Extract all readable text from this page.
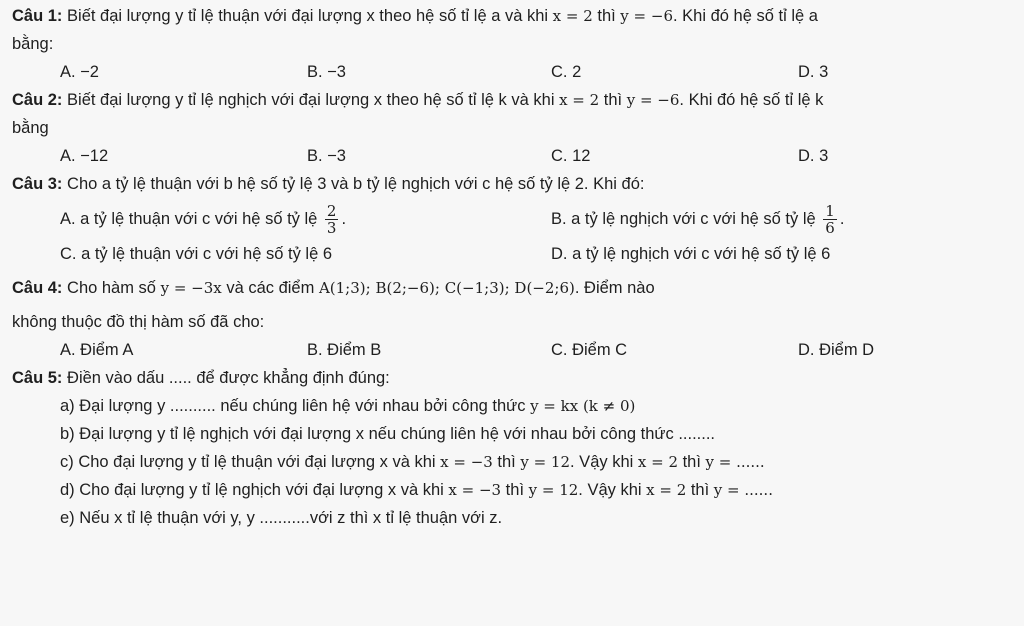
Câu 1: Biết đại lượng y tỉ lệ thuận với đại lượng x theo hệ số tỉ lệ a và khi x = 2 thì y = −6. Khi đó hệ số tỉ lệ a
bằng:
A. −2	B. −3	C. 2	D. 3
Câu 2: Biết đại lượng y tỉ lệ nghịch với đại lượng x theo hệ số tỉ lệ k và khi x = 2 thì y = −6. Khi đó hệ số tỉ lệ k
bằng
A. −12	B. −3	C. 12	D. 3
Câu 3: Cho a tỷ lệ thuận với b hệ số tỷ lệ 3 và b tỷ lệ nghịch với c hệ số tỷ lệ 2. Khi đó:
A. a tỷ lệ thuận với c với hệ số tỷ lệ $\frac{2}{3}$ .	B. a tỷ lệ nghịch với c với hệ số tỷ lệ $\frac{1}{6}$ .
C. a tỷ lệ thuận với c với hệ số tỷ lệ 6	D. a tỷ lệ nghịch với c với hệ số tỷ lệ 6
Câu 4: Cho hàm số y = −3x và các điểm A(1;3); B(2;−6); C(−1;3); D(−2;6). Điểm nào
không thuộc đồ thị hàm số đã cho:
A. Điểm A	B. Điểm B	C. Điểm C	D. Điểm D
Câu 5: Điền vào dấu ..... để được khẳng định đúng:
a) Đại lượng y .......... nếu chúng liên hệ với nhau bởi công thức y = kx (k ≠ 0)
b) Đại lượng y tỉ lệ nghịch với đại lượng x nếu chúng liên hệ với nhau bởi công thức ........
c) Cho đại lượng y tỉ lệ thuận với đại lượng x và khi x = −3 thì y = 12. Vậy khi x = 2 thì y = ......
d) Cho đại lượng y tỉ lệ nghịch với đại lượng x và khi x = −3 thì y = 12. Vậy khi x = 2 thì y = ......
e) Nếu x tỉ lệ thuận với y, y ...........với z thì x tỉ lệ thuận với z.
